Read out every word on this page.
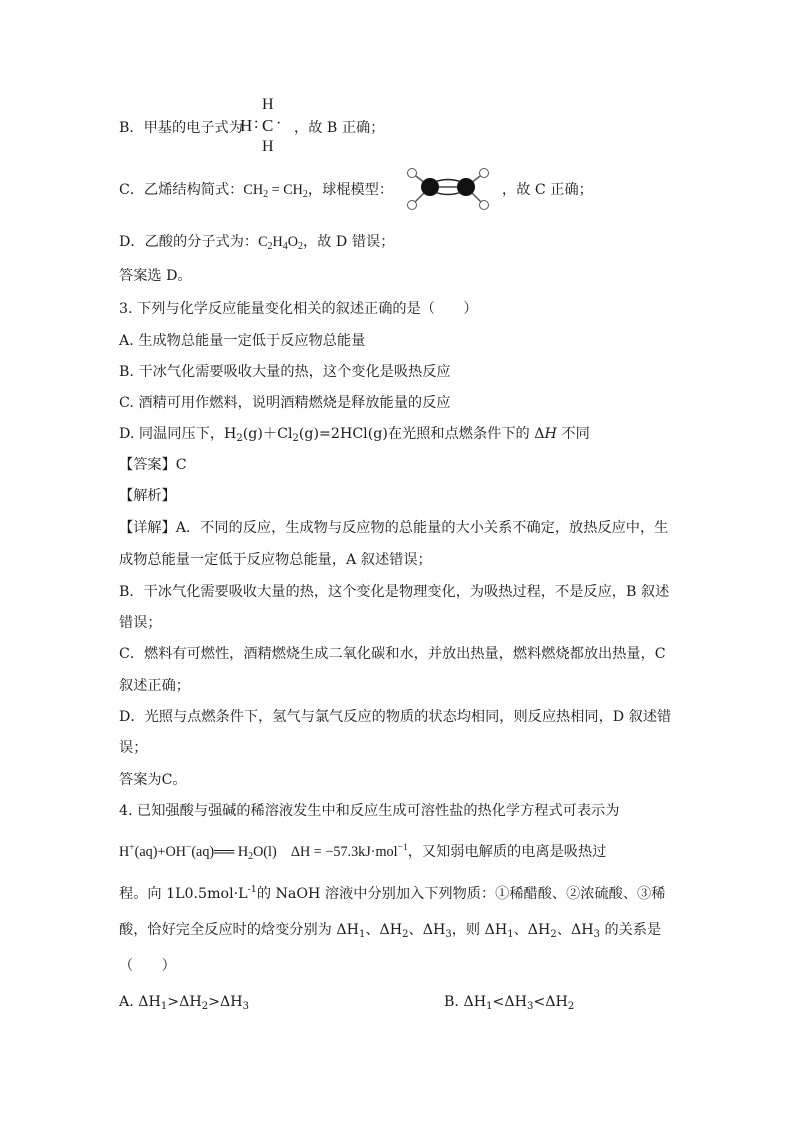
B．甲基的电子式为
H
H : C ·
H
，故 B 正确；
C．乙烯结构简式：$CH_2 = CH_2$，球棍模型：	，故 C 正确；
D．乙酸的分子式为：$C_2H_4O_2$，故 D 错误；
答案选 D。
3. 下列与化学反应能量变化相关的叙述正确的是（　　）
A. 生成物总能量一定低于反应物总能量
B. 干冰气化需要吸收大量的热，这个变化是吸热反应
C. 酒精可用作燃料，说明酒精燃烧是释放能量的反应
D. 同温同压下，$H_2(g)+Cl_2(g)=2HCl(g)$在光照和点燃条件下的 ΔH 不同
【答案】C
【解析】
【详解】A．不同的反应，生成物与反应物的总能量的大小关系不确定，放热反应中，生
成物总能量一定低于反应物总能量，A 叙述错误；
B．干冰气化需要吸收大量的热，这个变化是物理变化，为吸热过程，不是反应，B 叙述
错误；
C．燃料有可燃性，酒精燃烧生成二氧化碳和水，并放出热量，燃料燃烧都放出热量，C
叙述正确；
D．光照与点燃条件下，氢气与氯气反应的物质的状态均相同，则反应热相同，D 叙述错
误；
答案为C。
4. 已知强酸与强碱的稀溶液发生中和反应生成可溶性盐的热化学方程式可表示为
H+(aq)+OH−(aq)══ $H_2O(l)$  ΔH = −57.3kJ·mol$^{-1}$，又知弱电解质的电离是吸热过
程。向 $1L0.5mol\cdot L^{-1}$的 NaOH 溶液中分别加入下列物质：①稀醋酸、②浓硫酸、③稀
酸，恰好完全反应时的焓变分别为 $\Delta H_1$、$\Delta H_2$、$\Delta H_3$，则 $\Delta H_1$、$\Delta H_2$、$\Delta H_3$ 的关系是
（　　）
A. $\Delta H_1>\Delta H_2>\Delta H_3$	B. $\Delta H_1<\Delta H_3<\Delta H_2$
